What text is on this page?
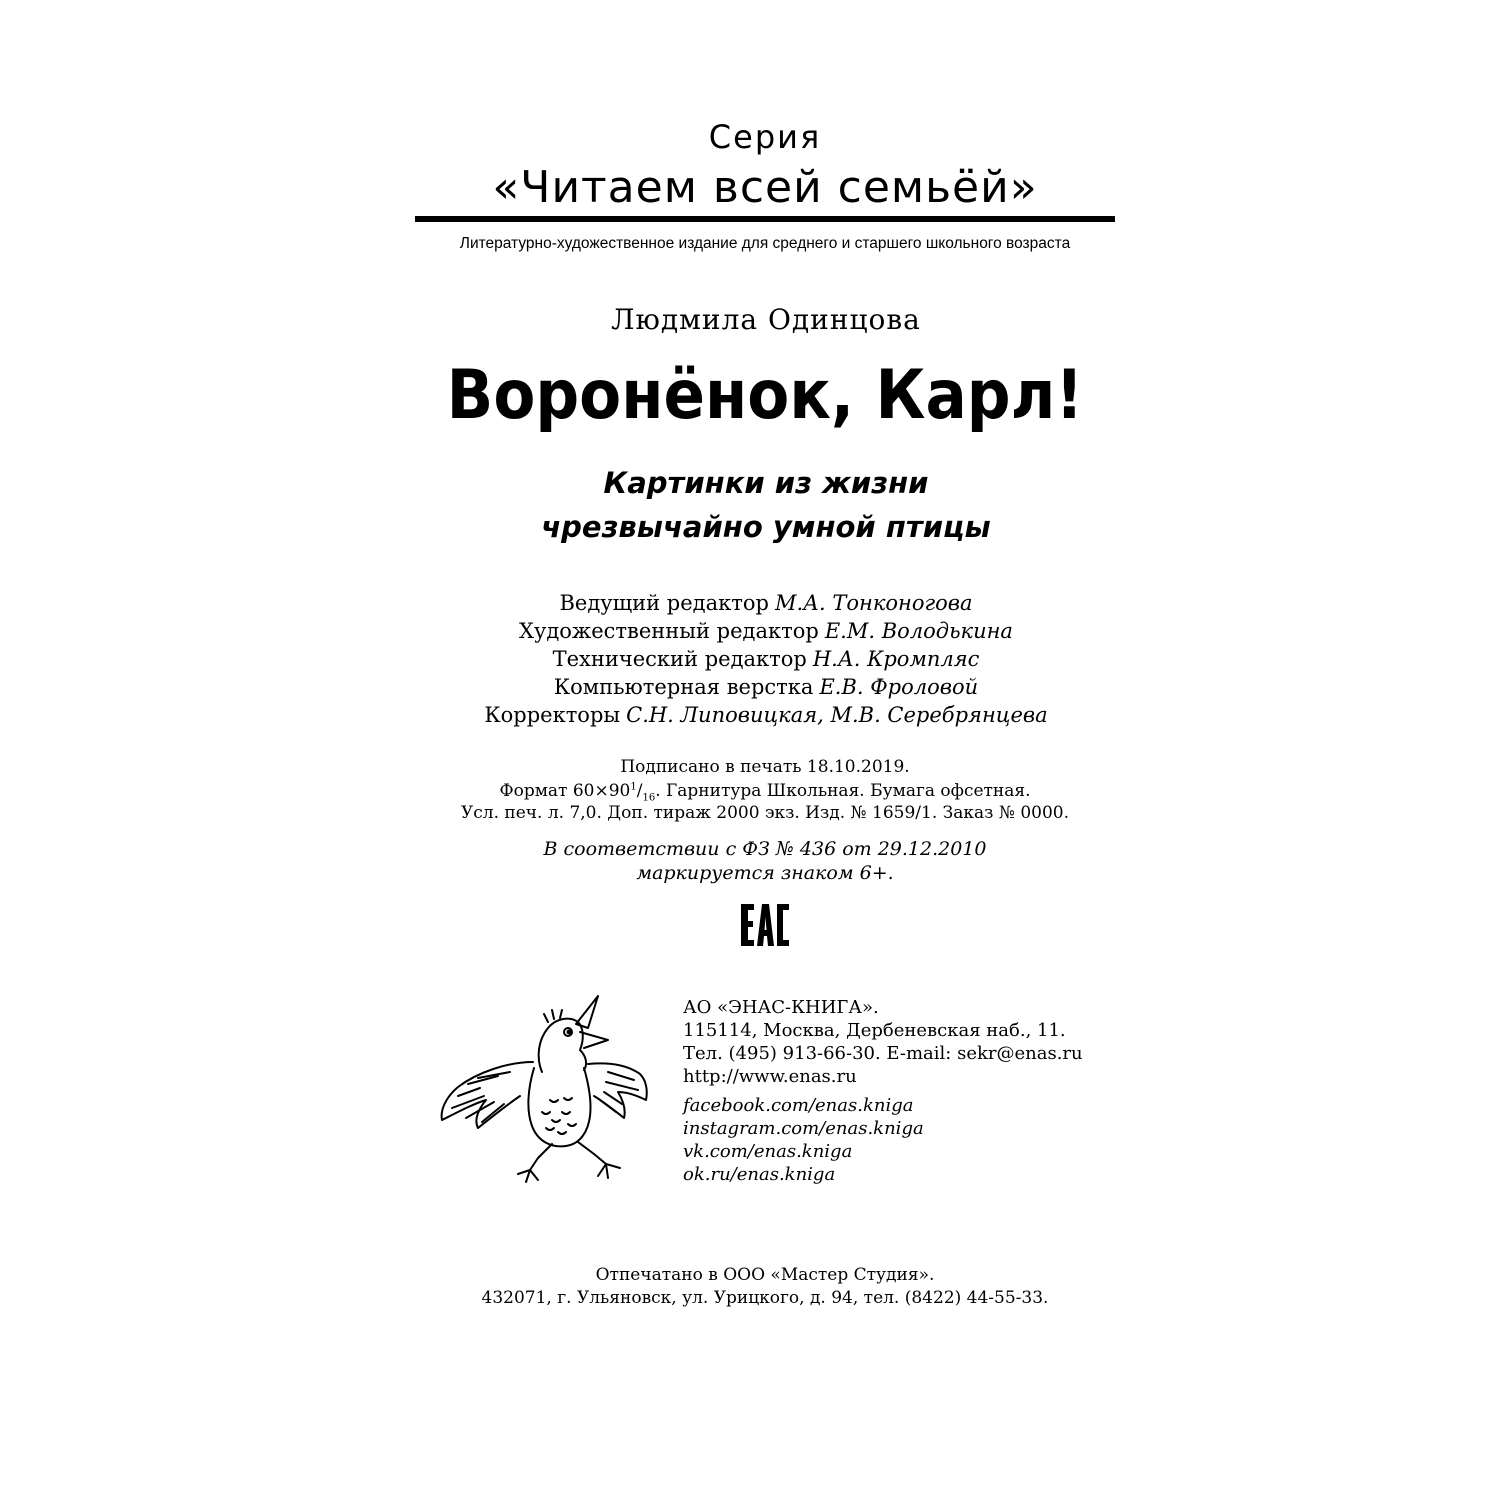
Серия
«Читаем всей семьёй»
Литературно-художественное издание для среднего и старшего школьного возраста
Людмила Одинцова
Воронёнок, Карл!
Картинки из жизни
чрезвычайно умной птицы
Ведущий редактор М.А. Тонконогова
Художественный редактор Е.М. Володькина
Технический редактор Н.А. Кромпляс
Компьютерная верстка Е.В. Фроловой
Корректоры С.Н. Липовицкая, М.В. Серебрянцева
Подписано в печать 18.10.2019.
Формат $60\times 90^1/_{16}$. Гарнитура Школьная. Бумага офсетная.
Усл. печ. л. 7,0. Доп. тираж 2000 экз. Изд. № 1659/1. Заказ № 0000.
В соответствии с ФЗ № 436 от 29.12.2010
маркируется знаком 6+.
АО «ЭНАС-КНИГА».
115114, Москва, Дербеневская наб., 11.
Тел. (495) 913-66-30. E-mail: sekr@enas.ru
http://www.enas.ru
facebook.com/enas.kniga
instagram.com/enas.kniga
vk.com/enas.kniga
ok.ru/enas.kniga
Отпечатано в ООО «Мастер Студия».
432071, г. Ульяновск, ул. Урицкого, д. 94, тел. (8422) 44-55-33.
